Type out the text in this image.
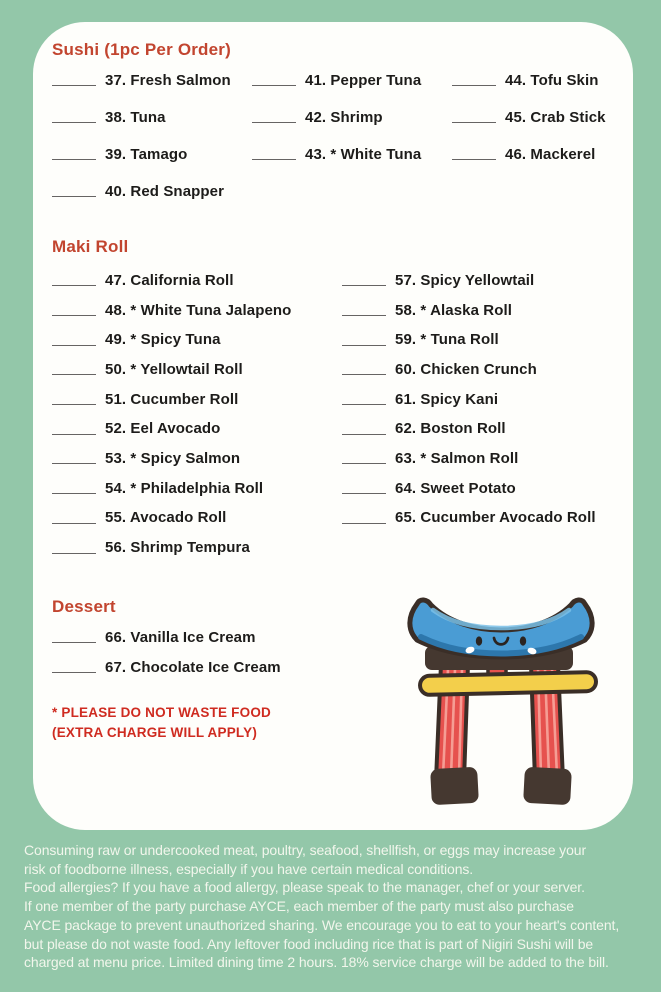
Sushi (1pc Per Order)
37. Fresh Salmon
38. Tuna
39. Tamago
40. Red Snapper
41. Pepper Tuna
42. Shrimp
43. * White Tuna
44. Tofu Skin
45. Crab Stick
46. Mackerel
Maki Roll
47. California Roll
48. * White Tuna Jalapeno
49. * Spicy Tuna
50. * Yellowtail Roll
51. Cucumber Roll
52. Eel Avocado
53. * Spicy Salmon
54. * Philadelphia Roll
55. Avocado Roll
56. Shrimp Tempura
57. Spicy Yellowtail
58. * Alaska Roll
59. * Tuna Roll
60. Chicken Crunch
61. Spicy Kani
62. Boston Roll
63. * Salmon Roll
64. Sweet Potato
65. Cucumber Avocado Roll
Dessert
66. Vanilla Ice Cream
67. Chocolate Ice Cream
* PLEASE DO NOT WASTE FOOD
(EXTRA CHARGE WILL APPLY)
Consuming raw or undercooked meat, poultry, seafood, shellfish, or eggs may increase your
risk of foodborne illness, especially if you have certain medical conditions.
Food allergies? If you have a food allergy, please speak to the manager, chef or your server.
If one member of the party purchase AYCE, each member of the party must also purchase
AYCE package to prevent unauthorized sharing. We encourage you to eat to your heart's content,
but please do not waste food. Any leftover food including rice that is part of Nigiri Sushi will be
charged at menu price. Limited dining time 2 hours. 18% service charge will be added to the bill.
